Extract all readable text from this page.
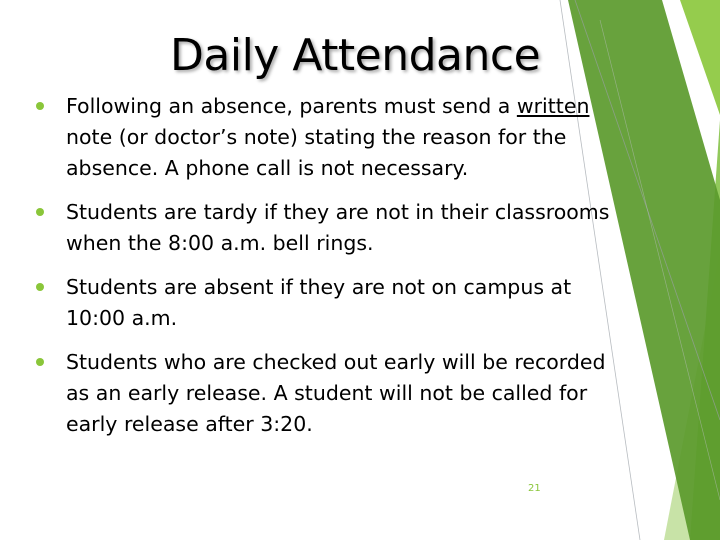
Daily Attendance
Following an absence, parents must send a written
note (or doctor’s note) stating the reason for the
absence. A phone call is not necessary.
Students are tardy if they are not in their classrooms
when the 8:00 a.m. bell rings.
Students are absent if they are not on campus at
10:00 a.m.
Students who are checked out early will be recorded
as an early release. A student will not be called for
early release after 3:20.
21
